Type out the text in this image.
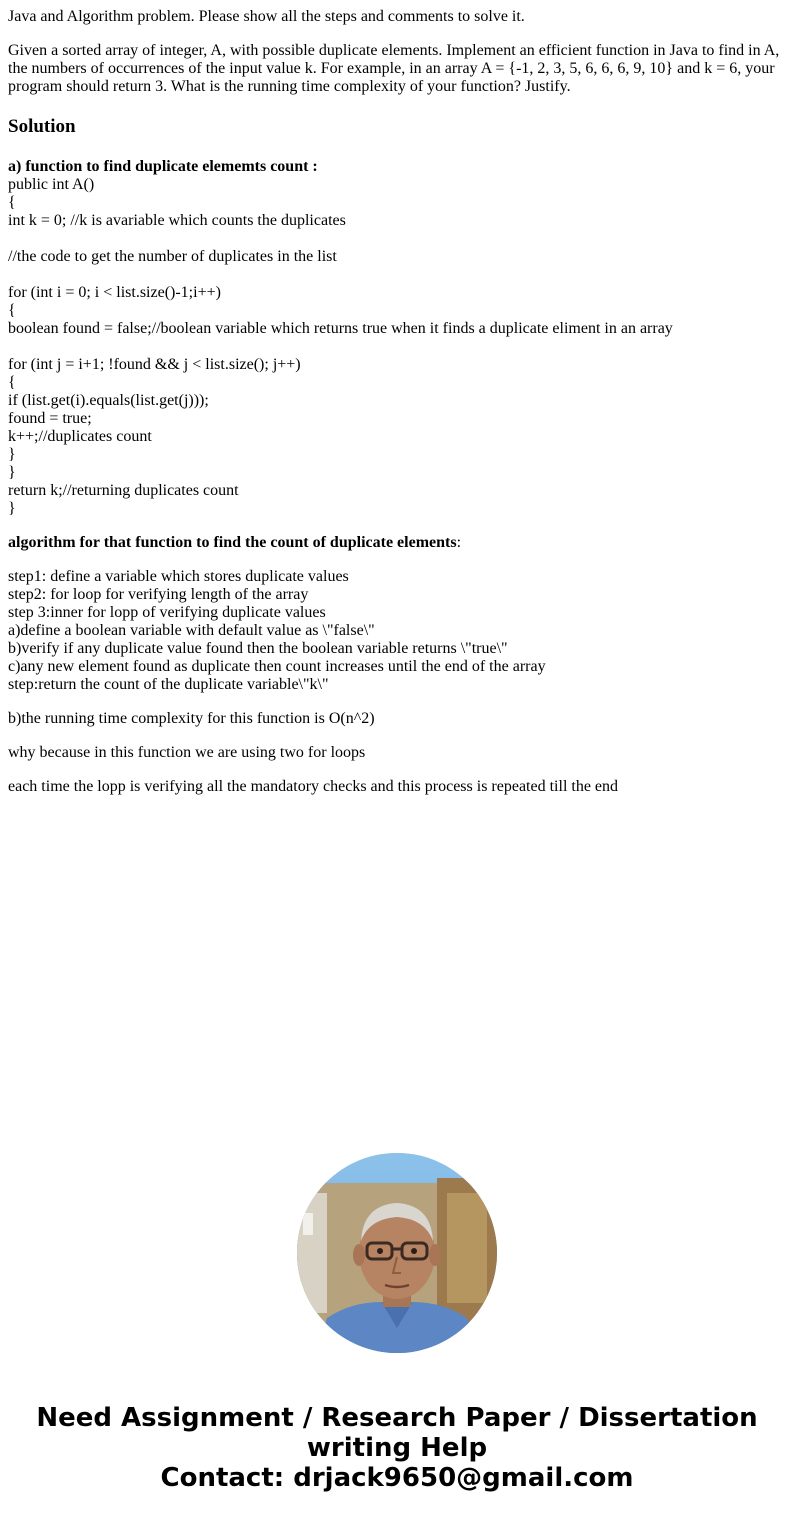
Java and Algorithm problem. Please show all the steps and comments to solve it.

Given a sorted array of integer, A, with possible duplicate elements. Implement an efficient function in Java to find in A, the numbers of occurrences of the input value k. For example, in an array A = {-1, 2, 3, 5, 6, 6, 6, 9, 10} and k = 6, your program should return 3. What is the running time complexity of your function? Justify.

Solution
a) function to find duplicate elememts count :
public int A()
{
int k = 0; //k is avariable which counts the duplicates
//the code to get the number of duplicates in the list
for (int i = 0; i < list.size()-1;i++)
{
boolean found = false;//boolean variable which returns true when it finds a duplicate eliment in an array
for (int j = i+1; !found && j < list.size(); j++)
{
if (list.get(i).equals(list.get(j)));
found = true;
k++;//duplicates count
}
}
return k;//returning duplicates count
}

algorithm for that function to find the count of duplicate elements:

step1: define a variable which stores duplicate values
step2: for loop for verifying length of the array
step 3:inner for lopp of verifying duplicate values
a)define a boolean variable with default value as \"false\"
b)verify if any duplicate value found then the boolean variable returns \"true\"
c)any new element found as duplicate then count increases until the end of the array
step:return the count of the duplicate variable\"k\"

b)the running time complexity for this function is O(n^2)

why because in this function we are using two for loops

each time the lopp is verifying all the mandatory checks and this process is repeated till the end

Need Assignment / Research Paper / Dissertation
writing Help
Contact: drjack9650@gmail.com
